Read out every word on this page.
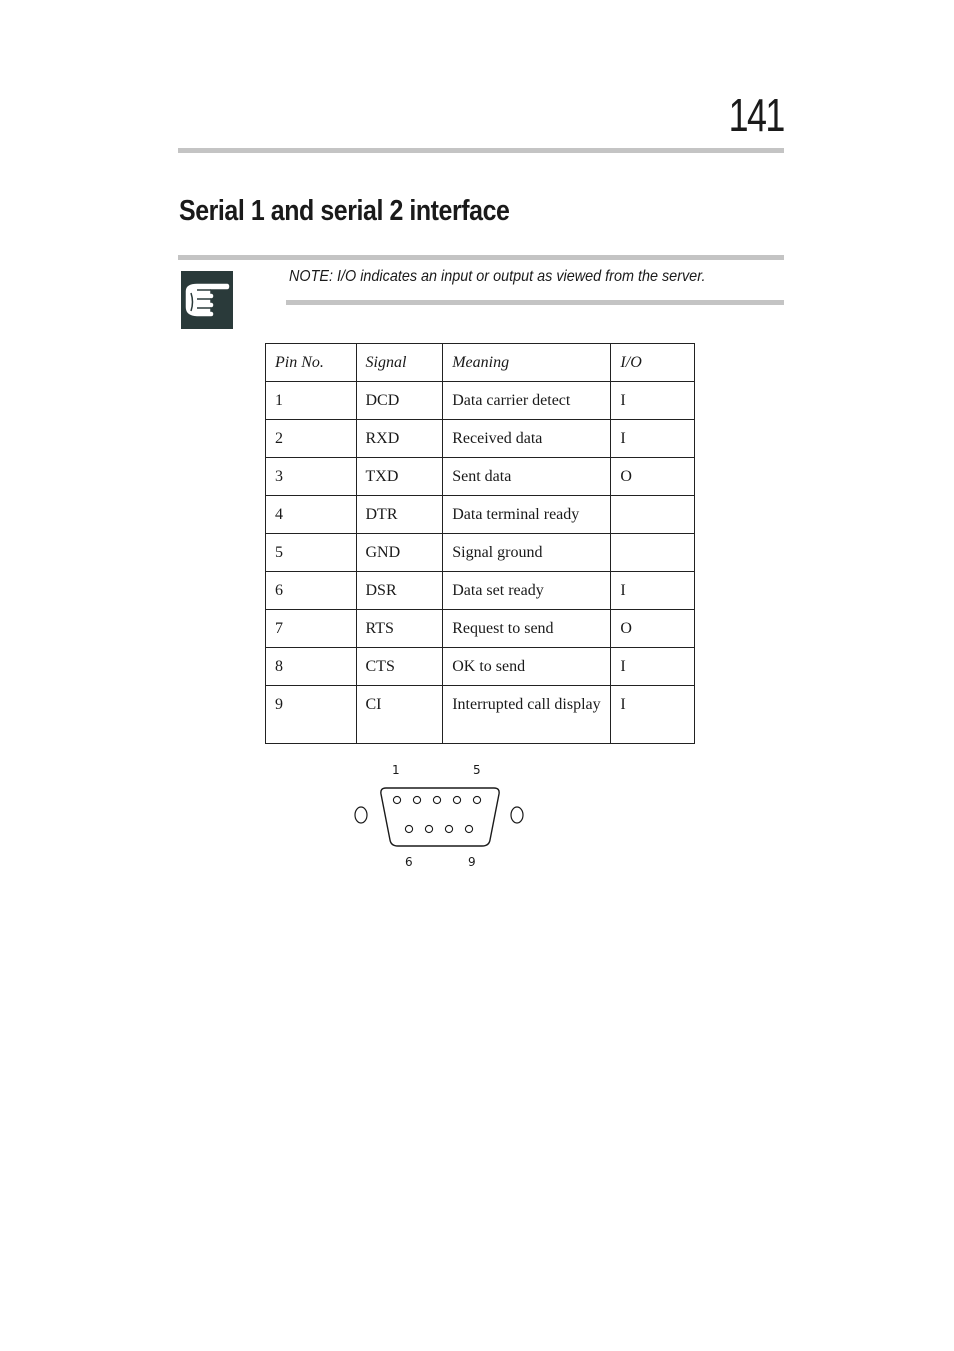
141
Serial 1 and serial 2 interface
NOTE: I/O indicates an input or output as viewed from the server.
Pin No.	Signal	Meaning	I/O
1	DCD	Data carrier detect	I
2	RXD	Received data	I
3	TXD	Sent data	O
4	DTR	Data terminal ready	
5	GND	Signal ground	
6	DSR	Data set ready	I
7	RTS	Request to send	O
8	CTS	OK to send	I
9	CI	Interrupted call display	I
1	5
6	9
